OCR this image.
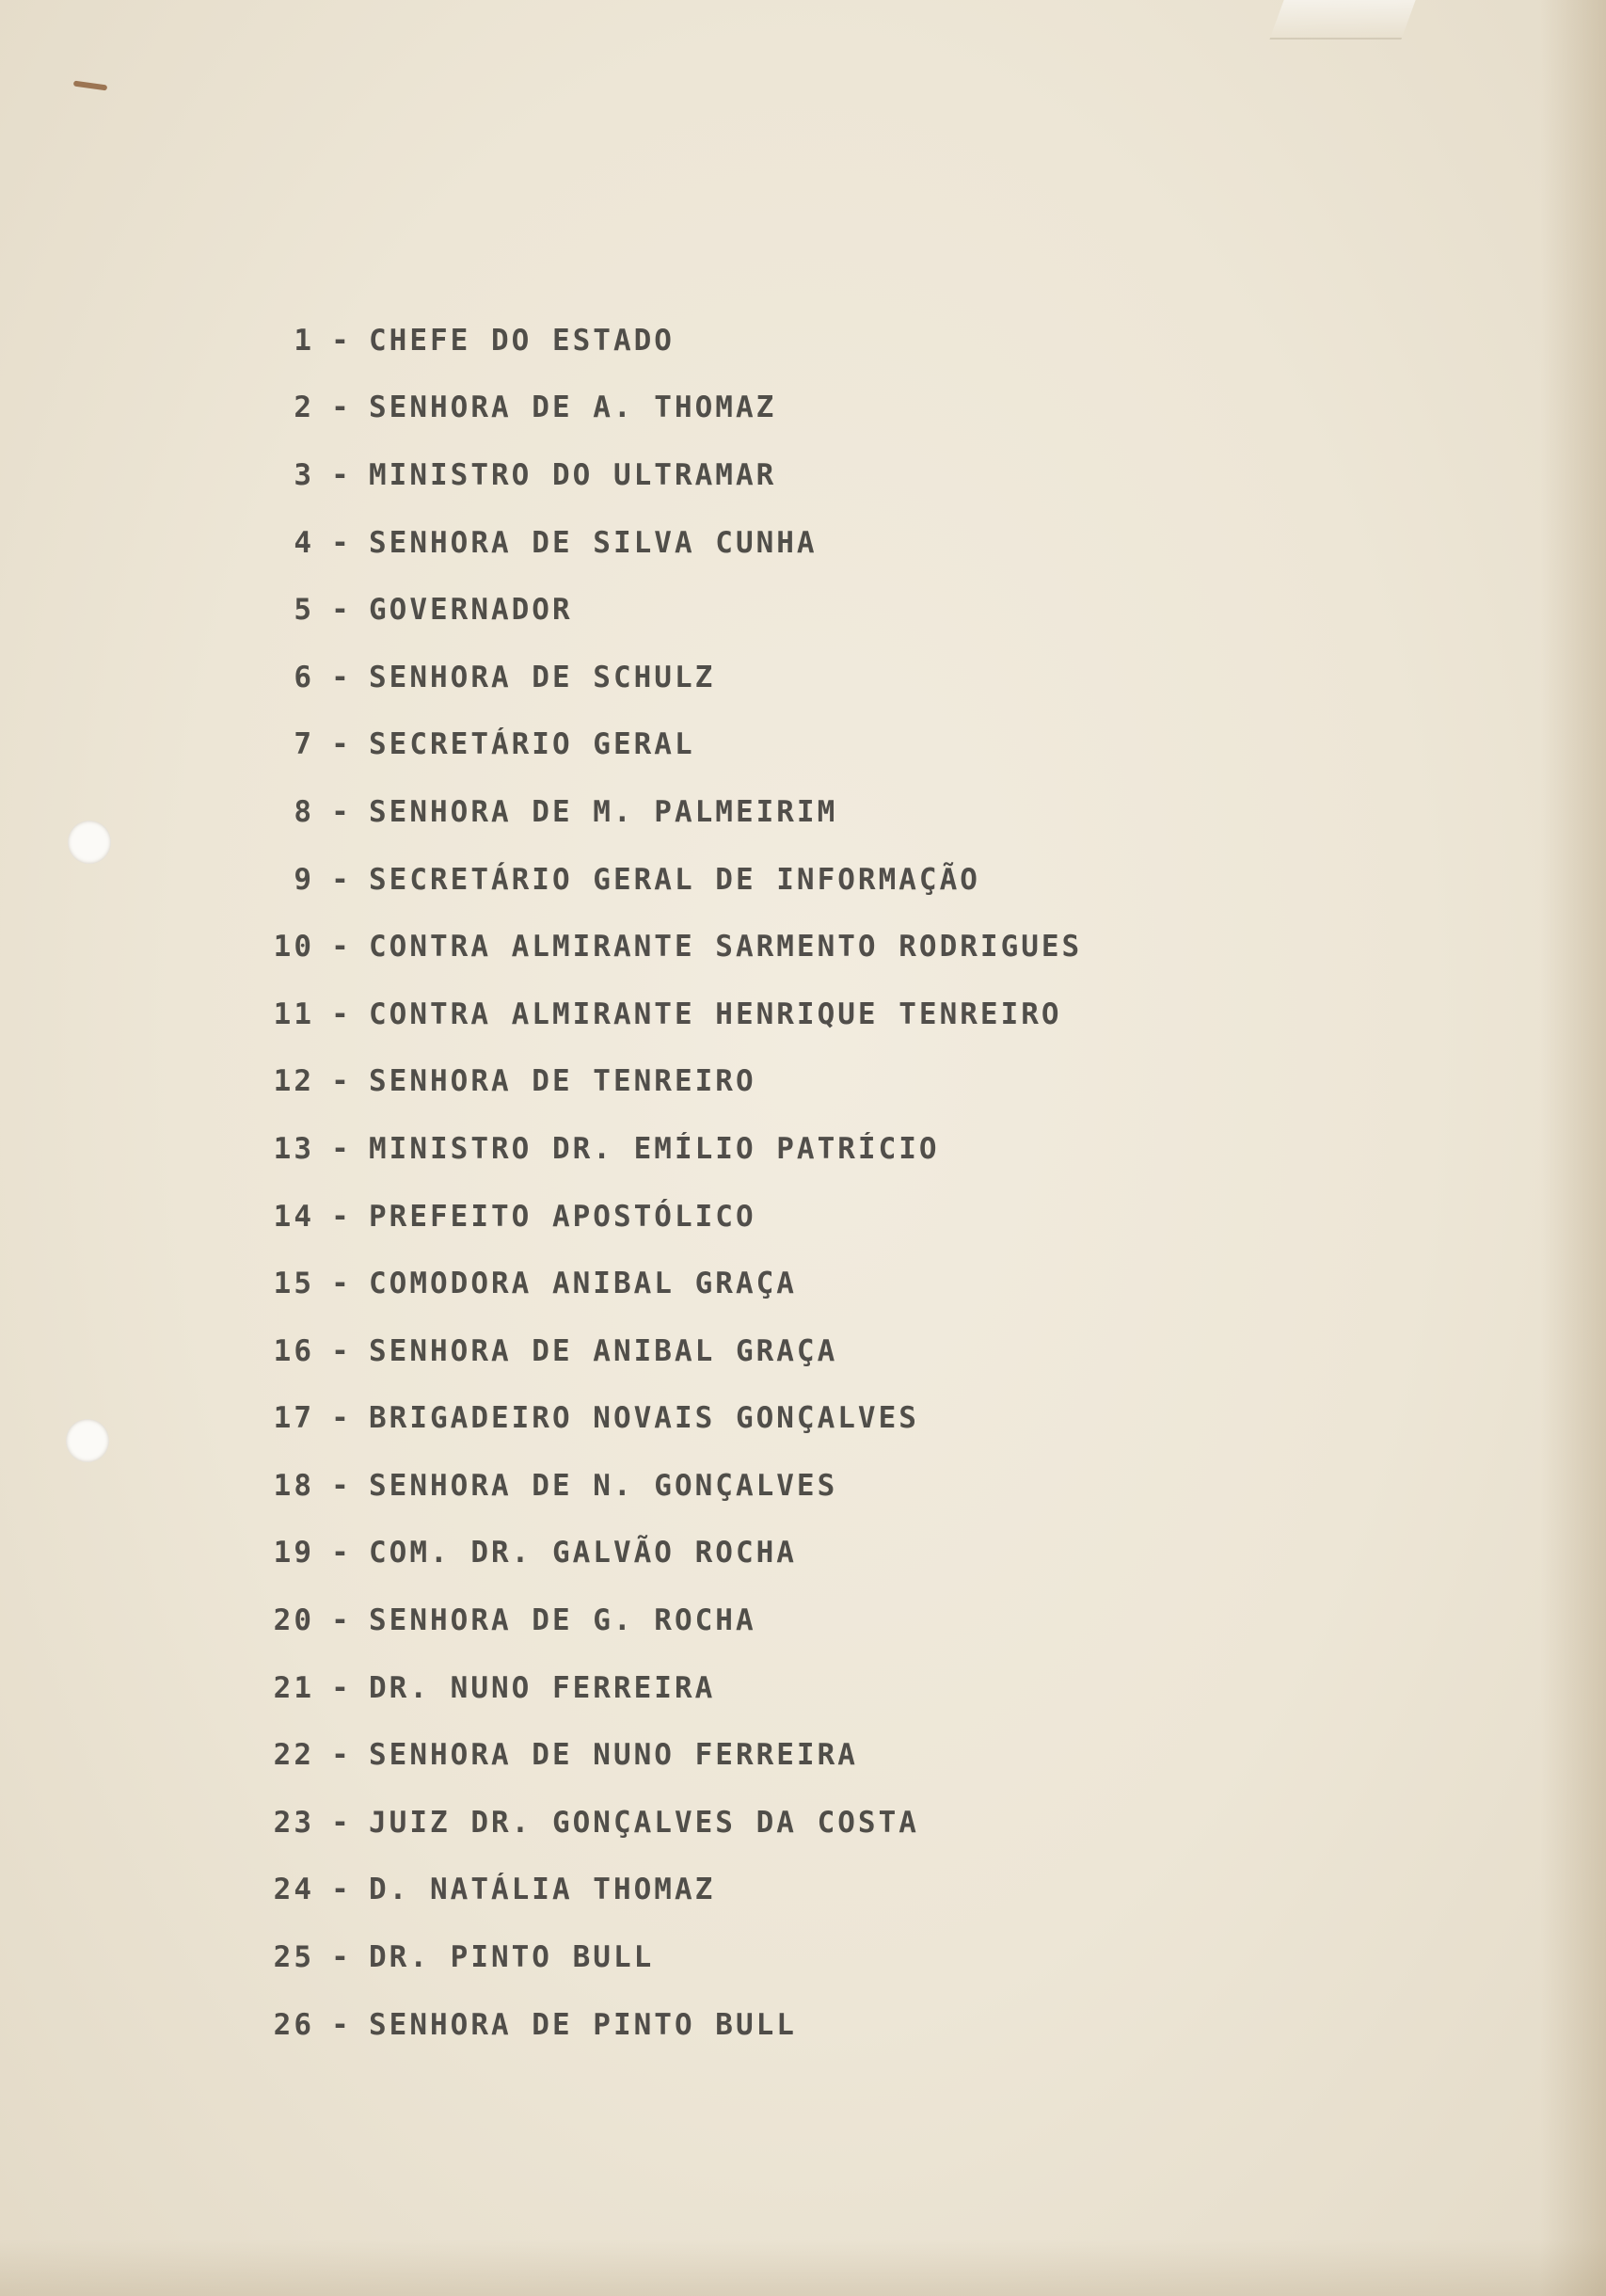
1 - CHEFE DO ESTADO
2 - SENHORA DE A. THOMAZ
3 - MINISTRO DO ULTRAMAR
4 - SENHORA DE SILVA CUNHA
5 - GOVERNADOR
6 - SENHORA DE SCHULZ
7 - SECRETÁRIO GERAL
8 - SENHORA DE M. PALMEIRIM
9 - SECRETÁRIO GERAL DE INFORMAÇÃO
10 - CONTRA ALMIRANTE SARMENTO RODRIGUES
11 - CONTRA ALMIRANTE HENRIQUE TENREIRO
12 - SENHORA DE TENREIRO
13 - MINISTRO DR. EMÍLIO PATRÍCIO
14 - PREFEITO APOSTÓLICO
15 - COMODORA ANIBAL GRAÇA
16 - SENHORA DE ANIBAL GRAÇA
17 - BRIGADEIRO NOVAIS GONÇALVES
18 - SENHORA DE N. GONÇALVES
19 - COM. DR. GALVÃO ROCHA
20 - SENHORA DE G. ROCHA
21 - DR. NUNO FERREIRA
22 - SENHORA DE NUNO FERREIRA
23 - JUIZ DR. GONÇALVES DA COSTA
24 - D. NATÁLIA THOMAZ
25 - DR. PINTO BULL
26 - SENHORA DE PINTO BULL
